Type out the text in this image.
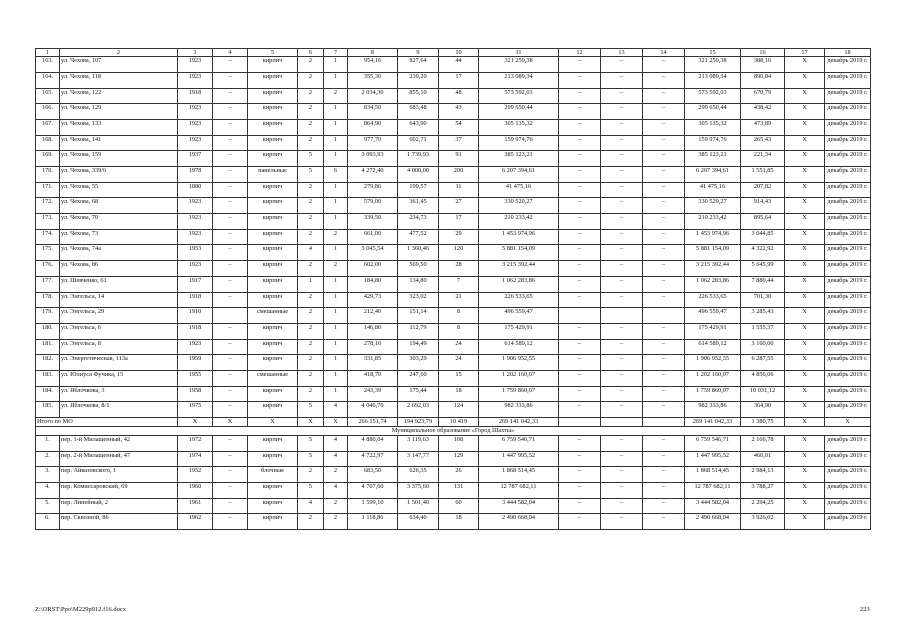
1	2	3	4	5	6	7	8	9	10	11	12	13	14	15	16	17	18
163.	ул. Чехова, 107	1923	–	кирпич	2	1	954,16	827,64	44	321 259,38	–	–	–	321 259,38	388,16	Х	декабрь 2019 г.
164.	ул. Чехова, 118	1923	–	кирпич	2	1	355,30	239,20	17	213 089,34	–	–	–	213 089,34	890,84	Х	декабрь 2019 г.
165.	ул. Чехова, 122	1918	–	кирпич	2	2	2 034,30	855,10	48	573 592,03	–	–	–	573 592,03	670,79	Х	декабрь 2019 г.
166.	ул. Чехова, 129	1923	–	кирпич	2	1	834,50	683,48	43	299 650,44	–	–	–	299 650,44	438,42	Х	декабрь 2019 г.
167.	ул. Чехова, 133	1923	–	кирпич	2	1	864,90	643,90	54	305 135,32	–	–	–	305 135,32	473,89	Х	декабрь 2019 г.
168.	ул. Чехова, 141	1923	–	кирпич	2	1	977,70	602,71	37	159 974,76	–	–	–	159 974,76	265,43	Х	декабрь 2019 г.
169.	ул. Чехова, 159	1937	–	кирпич	5	1	3 093,93	1 739,93	91	385 123,21	–	–	–	385 123,21	221,34	Х	декабрь 2019 г.
170.	ул. Чехова, 339/6	1978	–	панельные	5	6	4 272,40	4 000,00	200	6 207 394,61	–	–	–	6 207 394,61	1 551,85	Х	декабрь 2019 г.
171.	ул. Чехова, 55	1880	–	кирпич	2	1	279,86	199,57	11	41 475,16	–	–	–	41 475,16	207,82	Х	декабрь 2019 г.
172.	ул. Чехова, 68	1923	–	кирпич	2	1	579,00	361,45	27	330 520,27	–	–	–	330 520,27	914,43	Х	декабрь 2019 г.
173.	ул. Чехова, 70	1923	–	кирпич	2	1	339,50	234,73	17	210 233,42	–	–	–	210 233,42	895,64	Х	декабрь 2019 г.
174.	ул. Чехова, 73	1923	–	кирпич	2	2	661,00	477,52	29	1 453 974,96	–	–	–	1 453 974,96	3 044,85	Х	декабрь 2019 г.
175.	ул. Чехова, 74а	1953	–	кирпич	4	1	3 045,54	1 360,46	120	5 881 154,09	–	–	–	5 881 154,09	4 322,92	Х	декабрь 2019 г.
176.	ул. Чехова, 86	1923	–	кирпич	2	2	602,00	569,50	28	3 215 392,44	–	–	–	3 215 392,44	5 645,99	Х	декабрь 2019 г.
177.	ул. Шевченко, 61	1917	–	кирпич	1	1	184,80	134,80	7	1 062 283,86	–	–	–	1 062 283,86	7 880,44	Х	декабрь 2019 г.
178.	ул. Энгельса, 14	1918	–	кирпич	2	1	429,73	323,02	21	226 533,65	–	–	–	226 533,65	701,30	Х	декабрь 2019 г.
179.	ул. Энгельса, 29	1910		смешанные	2	1	212,40	151,14	8	496 559,47				496 559,47	3 285,43	Х	декабрь 2019 г.
180.	ул. Энгельса, 6	1918	–	кирпич	2	1	146,80	112,79	8	175 429,91	–	–	–	175 429,91	1 555,37	Х	декабрь 2019 г.
181.	ул. Энгельса, 8	1923	–	кирпич	2	1	278,10	194,49	24	614 589,12	–	–	–	614 589,12	3 160,00	Х	декабрь 2019 г.
182.	ул. Энергетическая, 113а	1959	–	кирпич	2	1	331,85	303,29	24	1 906 952,55	–	–	–	1 906 952,55	6 287,55	Х	декабрь 2019 г.
183.	ул. Юлиуса Фучика, 15	1955	–	смешанные	2	1	418,70	247,60	15	1 202 160,07	–	–	–	1 202 160,07	4 856,06	Х	декабрь 2019 г.
184.	ул. Яблочкова, 3	1958	–	кирпич	2	1	243,39	175,44	18	1 759 860,07	–	–	–	1 759 860,07	10 031,12	Х	декабрь 2019 г.
185.	ул. Яблочкова, 8/1	1975	–	кирпич	5	4	4 046,70	2 692,03	124	982 333,86	–	–	–	982 333,86	364,90	Х	декабрь 2019 г.
Итого по МО		Х	Х	Х	Х	Х	266 151,74	194 923,79	10 419	269 141 042,33				269 141 042,33	1 380,75	Х	Х
Муниципальное образование «Город Шахты»																	
1.	пер. 1-й Милашенный, 42	1972	–	кирпич	5	4	4 880,04	3 119,63	108	6 759 546,71	–	–	–	6 759 546,71	2 166,78	Х	декабрь 2019 г.
2.	пер. 2-й Милашенный, 47	1974	–	кирпич	5	4	4 722,97	3 147,77	129	1 447 995,52	–	–	–	1 447 995,52	460,01	Х	декабрь 2019 г.
3.	пер. Айвазовского, 1	1952	–	блочные	2	2	683,50	626,35	26	1 868 514,45	–	–	–	1 868 514,45	2 984,13	Х	декабрь 2019 г.
4.	пер. Комиссаровский, 69	1960	–	кирпич	5	4	4 707,60	3 375,60	131	12 787 682,11	–	–	–	12 787 682,11	3 788,27	Х	декабрь 2019 г.
5.	пер. Линейный, 2	1961	–	кирпич	4	2	1 599,10	1 501,40	60	3 444 582,04	–	–	–	3 444 582,04	2 294,25	Х	декабрь 2019 г.
6.	пер. Сквозной, 86	1962	–	кирпич	2	2	1 118,86	634,40	18	2 490 668,04	–	–	–	2 490 668,04	3 926,02	Х	декабрь 2019 г.
Z:\ORST\Ppo\M229p912.f16.docx	223
